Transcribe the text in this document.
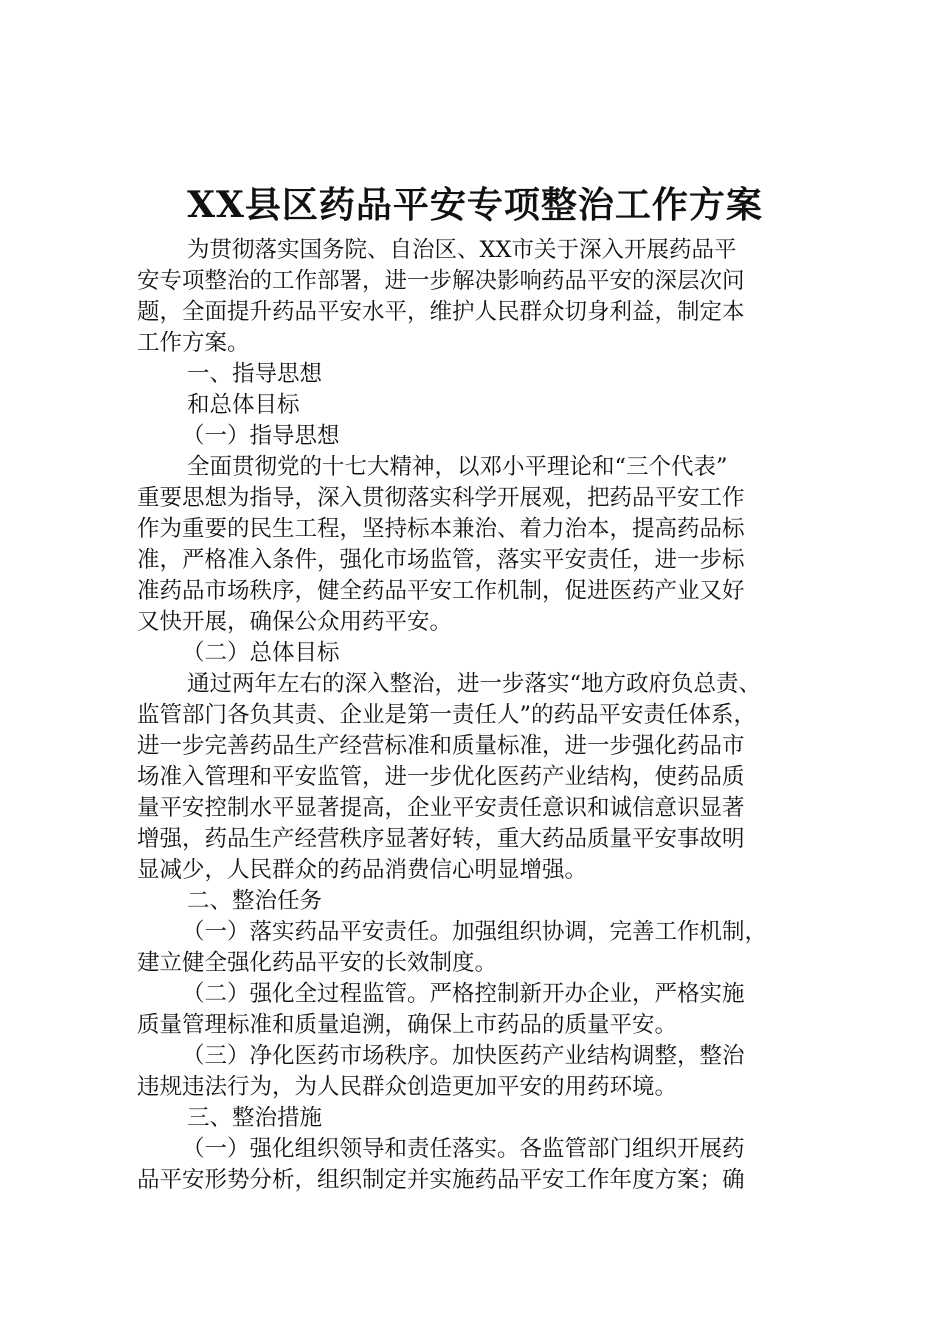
XX县区药品平安专项整治工作方案
为贯彻落实国务院、自治区、XX市关于深入开展药品平
安专项整治的工作部署，进一步解决影响药品平安的深层次问
题，全面提升药品平安水平，维护人民群众切身利益，制定本
工作方案。
一、指导思想
和总体目标
（一）指导思想
全面贯彻党的十七大精神，以邓小平理论和“三个代表”
重要思想为指导，深入贯彻落实科学开展观，把药品平安工作
作为重要的民生工程，坚持标本兼治、着力治本，提高药品标
准，严格准入条件，强化市场监管，落实平安责任，进一步标
准药品市场秩序，健全药品平安工作机制，促进医药产业又好
又快开展，确保公众用药平安。
（二）总体目标
通过两年左右的深入整治，进一步落实“地方政府负总责、
监管部门各负其责、企业是第一责任人”的药品平安责任体系，
进一步完善药品生产经营标准和质量标准，进一步强化药品市
场准入管理和平安监管，进一步优化医药产业结构，使药品质
量平安控制水平显著提高，企业平安责任意识和诚信意识显著
增强，药品生产经营秩序显著好转，重大药品质量平安事故明
显减少，人民群众的药品消费信心明显增强。
二、整治任务
（一）落实药品平安责任。加强组织协调，完善工作机制，
建立健全强化药品平安的长效制度。
（二）强化全过程监管。严格控制新开办企业，严格实施
质量管理标准和质量追溯，确保上市药品的质量平安。
（三）净化医药市场秩序。加快医药产业结构调整，整治
违规违法行为，为人民群众创造更加平安的用药环境。
三、整治措施
（一）强化组织领导和责任落实。各监管部门组织开展药
品平安形势分析，组织制定并实施药品平安工作年度方案；确
